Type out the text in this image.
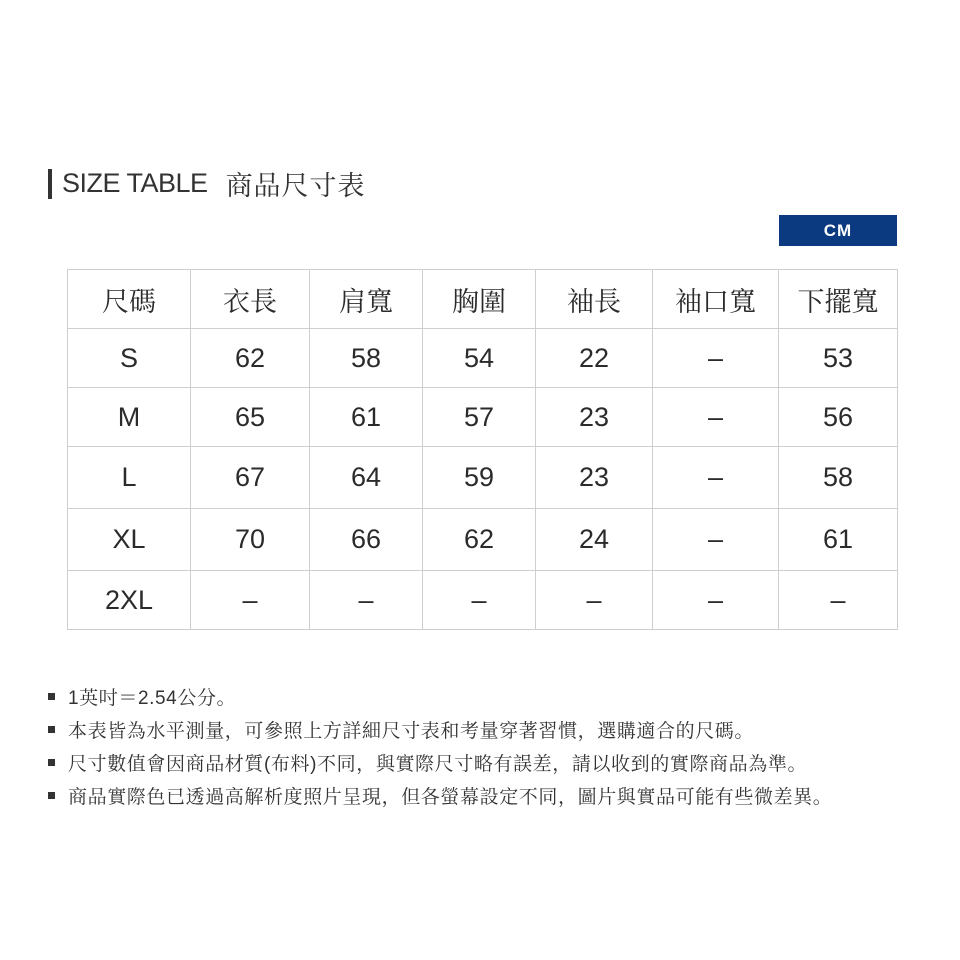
SIZE TABLE 商品尺寸表
CM
尺碼	衣長	肩寬	胸圍	袖長	袖口寬	下擺寬
S	62	58	54	22	–	53
M	65	61	57	23	–	56
L	67	64	59	23	–	58
XL	70	66	62	24	–	61
2XL	–	–	–	–	–	–
1英吋＝2.54公分。
本表皆為水平測量，可參照上方詳細尺寸表和考量穿著習慣，選購適合的尺碼。
尺寸數值會因商品材質(布料)不同，與實際尺寸略有誤差，請以收到的實際商品為準。
商品實際色已透過高解析度照片呈現，但各螢幕設定不同，圖片與實品可能有些微差異。
